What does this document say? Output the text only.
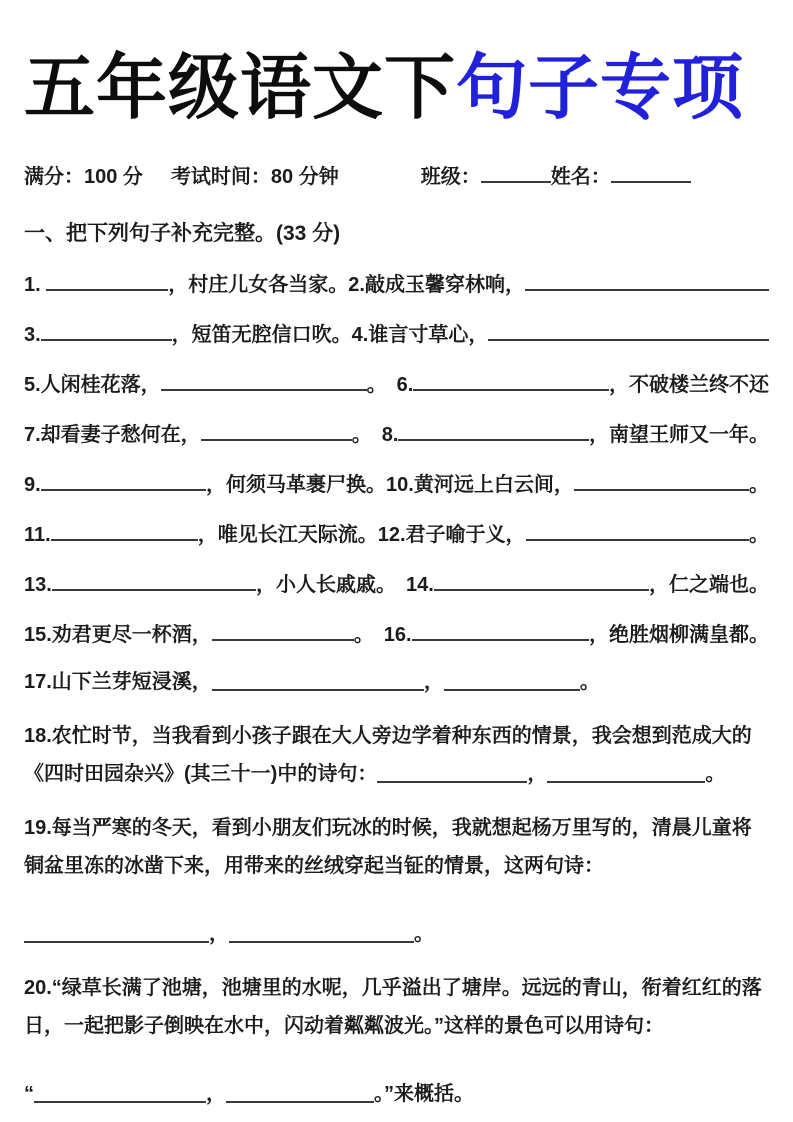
五年级语文下句子专项
满分：100 分 考试时间：80 分钟	班级：	姓名：
一、把下列句子补充完整。(33 分)

1.	，村庄儿女各当家。2.敲成玉馨穿林响，

3.	，短笛无腔信口吹。4.谁言寸草心，

5.人闲桂花落，	。　6.	，不破楼兰终不还

7.却看妻子愁何在，	。　8.	，南望王师又一年。

9.	，何须马革裹尸换。10.黄河远上白云间，	。

11.	，唯见长江天际流。12.君子喻于义，	。

13.	，小人长戚戚。　14.	，仁之端也。

15.劝君更尽一杯酒，	。　16.	，绝胜烟柳满皇都。

17.山下兰芽短浸溪，	，	。

18.农忙时节，当我看到小孩子跟在大人旁边学着种东西的情景，我会想到范成大的《四时田园杂兴》(其三十一)中的诗句：	，	。

19.每当严寒的冬天，看到小朋友们玩冰的时候，我就想起杨万里写的，清晨儿童将铜盆里冻的冰凿下来，用带来的丝绒穿起当钲的情景，这两句诗：

，	。

20.“绿草长满了池塘，池塘里的水呢，几乎溢出了塘岸。远远的青山，衔着红红的落日，一起把影子倒映在水中，闪动着粼粼波光。”这样的景色可以用诗句：

“	，	。”来概括。
